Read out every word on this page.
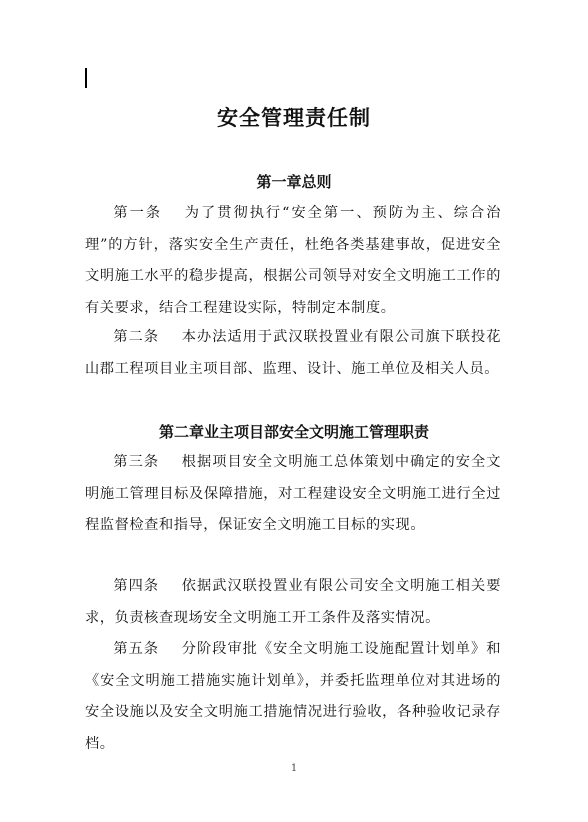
安全管理责任制
第一章总则

第一条 为了贯彻执行“安全第一、预防为主、综合治理”的方针，落实安全生产责任，杜绝各类基建事故，促进安全文明施工水平的稳步提高，根据公司领导对安全文明施工工作的有关要求，结合工程建设实际，特制定本制度。

第二条 本办法适用于武汉联投置业有限公司旗下联投花山郡工程项目业主项目部、监理、设计、施工单位及相关人员。

第二章业主项目部安全文明施工管理职责

第三条 根据项目安全文明施工总体策划中确定的安全文明施工管理目标及保障措施，对工程建设安全文明施工进行全过程监督检查和指导，保证安全文明施工目标的实现。

第四条 依据武汉联投置业有限公司安全文明施工相关要求，负责核查现场安全文明施工开工条件及落实情况。

第五条 分阶段审批《安全文明施工设施配置计划单》和《安全文明施工措施实施计划单》，并委托监理单位对其进场的安全设施以及安全文明施工措施情况进行验收，各种验收记录存档。

1
